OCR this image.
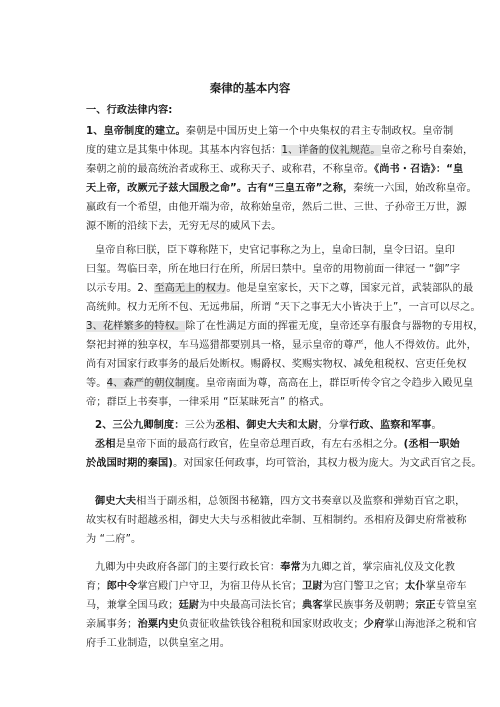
秦律的基本内容
一、行政法律内容:
1、皇帝制度的建立。秦朝是中国历史上第一个中央集权的君主专制政权。皇帝制
度的建立是其集中体现。其基本内容包括：1、详备的仪礼规范。皇帝之称号自秦始，
秦朝之前的最高统治者或称王、或称天子、或称君，不称皇帝。《尚书・召诰》：“皇
天上帝，改厥元子兹大国殷之命”。古有“三皇五帝”之称，秦统一六国，始改称皇帝。
嬴政有一个希望，由他开端为帝，故称始皇帝，然后二世、三世、子孙帝王万世，源
源不断的沿续下去，无穷无尽的威风下去。
皇帝自称曰朕，臣下尊称陛下，史官记事称之为上，皇命曰制，皇令曰诏。皇印
曰玺。驾临曰幸，所在地曰行在所，所居曰禁中。皇帝的用物前面一律冠一 “御”字
以示专用。2、至高无上的权力。他是皇室家长，天下之尊，国家元首，武装部队的最
高统帅。权力无所不包、无远弗届，所谓 “天下之事无大小皆决于上”，一言可以尽之。
3、花样繁多的特权。除了在性满足方面的挥霍无度，皇帝还享有服食与器物的专用权，
祭祀封禅的独享权，车马巡猎都要别具一格，显示皇帝的尊严，他人不得效仿。此外，
尚有对国家行政事务的最后处断权。赐爵权、奖赐实物权、减免租税权、宫吏任免权
等。4、森严的朝仪制度。皇帝南面为尊，高高在上，群臣听传令官之令趋步入殿见皇
帝；群臣上书奏事，一律采用 “臣某昧死言” 的格式。
2、三公九卿制度：三公为丞相、御史大夫和太尉，分掌行政、监察和军事。
丞相是皇帝下面的最高行政官，佐皇帝总理百政，有左右丞相之分。(丞相一职始
於战国时期的秦国)。对国家任何政事，均可管治，其权力极为庞大。为文武百官之長。
御史大夫相当于副丞相，总领图书秘籍，四方文书奏章以及监察和弹劾百官之职，
故实权有时超越丞相，御史大夫与丞相彼此牵制、互相制约。丞相府及御史府常被称
为 “二府”。
九卿为中央政府各部门的主要行政长官：奉常为九卿之首，掌宗庙礼仪及文化教
育；郎中令掌宫殿门户守卫，为宿卫侍从长官；卫尉为宫门警卫之官；太仆掌皇帝车
马，兼掌全国马政；廷尉为中央最高司法长官；典客掌民族事务及朝聘；宗正专管皇室
亲属事务；治粟内史负责征收盐铁钱谷租税和国家财政收支；少府掌山海池泽之税和官
府手工业制造，以供皇室之用。
